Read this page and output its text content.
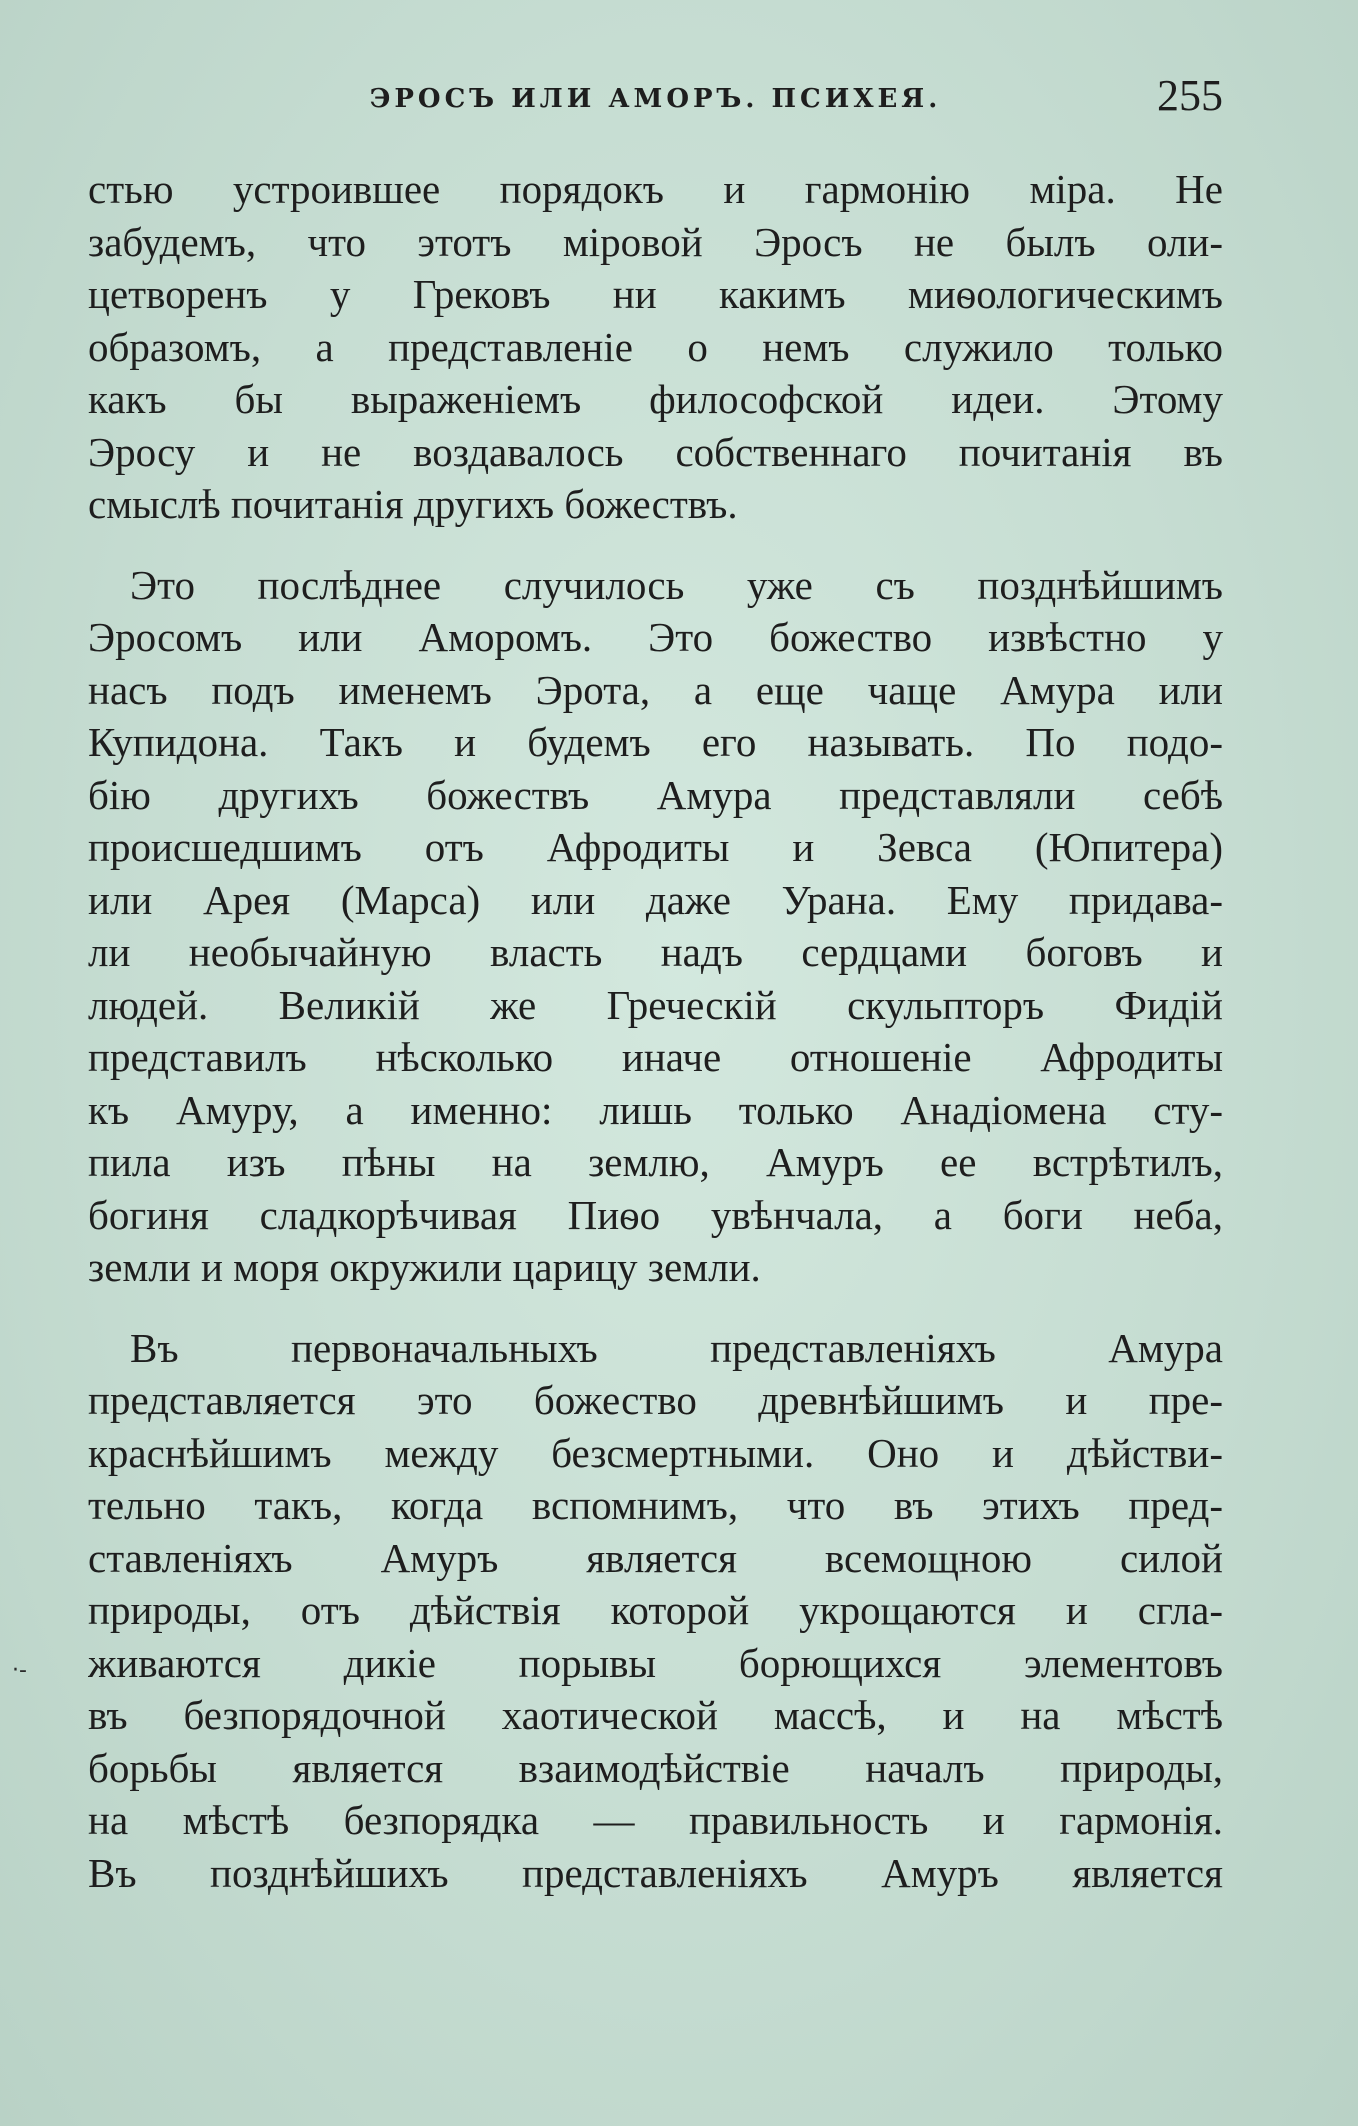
ЭРОСЪ ИЛИ АМОРЪ. ПСИХЕЯ.	255
·-
стью устроившее порядокъ и гармонію міра. Не
забудемъ, что этотъ міровой Эросъ не былъ оли-
цетворенъ у Грековъ ни какимъ миѳологическимъ
образомъ, а представленіе о немъ служило только
какъ бы выраженіемъ философской идеи. Этому
Эросу и не воздавалось собственнаго почитанія въ
смыслѣ почитанія другихъ божествъ.
Это послѣднее случилось уже съ позднѣйшимъ
Эросомъ или Аморомъ. Это божество извѣстно у
насъ подъ именемъ Эрота, а еще чаще Амура или
Купидона. Такъ и будемъ его называть. По подо-
бію другихъ божествъ Амура представляли себѣ
происшедшимъ отъ Афродиты и Зевса (Юпитера)
или Арея (Марса) или даже Урана. Ему придава-
ли необычайную власть надъ сердцами боговъ и
людей. Великій же Греческій скульпторъ Фидій
представилъ нѣсколько иначе отношеніе Афродиты
къ Амуру, а именно: лишь только Анадіомена сту-
пила изъ пѣны на землю, Амуръ ее встрѣтилъ,
богиня сладкорѣчивая Пиѳо увѣнчала, а боги неба,
земли и моря окружили царицу земли.
Въ первоначальныхъ представленіяхъ Амура
представляется это божество древнѣйшимъ и пре-
краснѣйшимъ между безсмертными. Оно и дѣйстви-
тельно такъ, когда вспомнимъ, что въ этихъ пред-
ставленіяхъ Амуръ является всемощною силой
природы, отъ дѣйствія которой укрощаются и сгла-
живаются дикіе порывы борющихся элементовъ
въ безпорядочной хаотической массѣ, и на мѣстѣ
борьбы является взаимодѣйствіе началъ природы,
на мѣстѣ безпорядка — правильность и гармонія.
Въ позднѣйшихъ представленіяхъ Амуръ является
